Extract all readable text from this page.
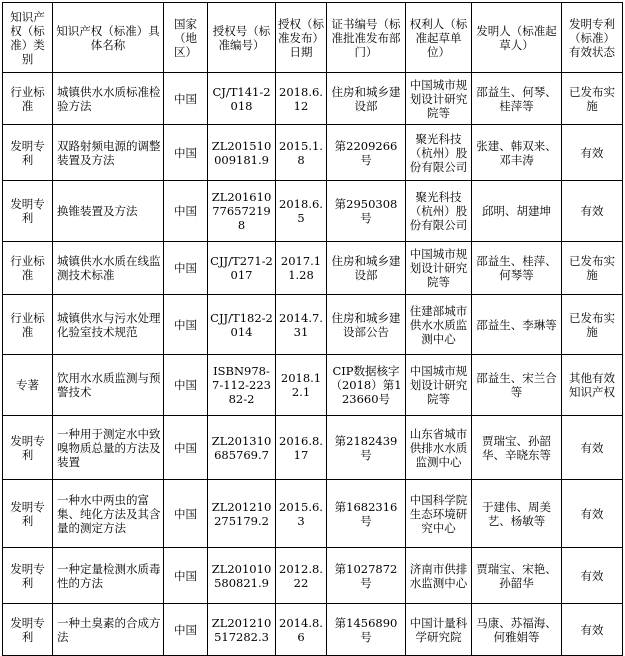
知识产权（标准）类别	知识产权（标准）具体名称	国家（地区）	授权号（标准编号）	授权（标准发布）日期	证书编号（标准批准发布部门）	权利人（标准起草单位）	发明人（标准起草人）	发明专利（标准）有效状态
行业标准	城镇供水水质标准检验方法	中国	CJ/T141-2018	2018.6.12	住房和城乡建设部	中国城市规划设计研究院等	邵益生、何琴、桂萍等	已发布实施
发明专利	双路射频电源的调整装置及方法	中国	ZL201510009181.9	2015.1.8	第2209266号	聚光科技（杭州）股份有限公司	张建、韩双来、邓丰涛	有效
发明专利	换锥装置及方法	中国	ZL201610776572198	2018.6.5	第2950308号	聚光科技（杭州）股份有限公司	邱明、胡建坤	有效
行业标准	城镇供水水质在线监测技术标准	中国	CJJ/T271-2017	2017.11.28	住房和城乡建设部	中国城市规划设计研究院等	邵益生、桂萍、何琴等	已发布实施
行业标准	城镇供水与污水处理化验室技术规范	中国	CJJ/T182-2014	2014.7.31	住房和城乡建设部公告	住建部城市供水水质监测中心	邵益生、李琳等	已发布实施
专著	饮用水水质监测与预警技术	中国	ISBN978-7-112-22382-2	2018.12.1	CIP数据核字（2018）第123660号	中国城市规划设计研究院等	邵益生、宋兰合等	其他有效知识产权
发明专利	一种用于测定水中致嗅物质总量的方法及装置	中国	ZL201310685769.7	2016.8.17	第2182439号	山东省城市供排水水质监测中心	贾瑞宝、孙韶华、辛晓东等	有效
发明专利	一种水中两虫的富集、纯化方法及其含量的测定方法	中国	ZL201210275179.2	2015.6.3	第1682316号	中国科学院生态环境研究中心	于建伟、周美艺、杨敏等	有效
发明专利	一种定量检测水质毒性的方法	中国	ZL201010580821.9	2012.8.22	第1027872号	济南市供排水监测中心	贾瑞宝、宋艳、孙韶华	有效
发明专利	一种土臭素的合成方法	中国	ZL201210517282.3	2014.8.6	第1456890号	中国计量科学研究院	马康、苏福海、何雅娟等	有效
